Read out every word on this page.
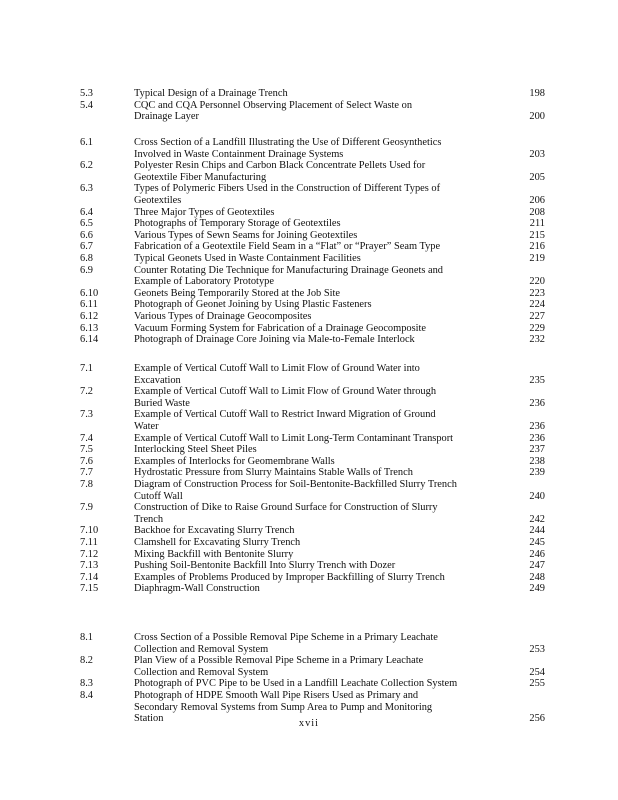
5.3	Typical Design of a Drainage Trench	198
5.4	CQC and CQA Personnel Observing Placement of Select Waste on
Drainage Layer	200
6.1	Cross Section of a Landfill Illustrating the Use of Different Geosynthetics
Involved in Waste Containment Drainage Systems	203
6.2	Polyester Resin Chips and Carbon Black Concentrate Pellets Used for
Geotextile Fiber Manufacturing	205
6.3	Types of Polymeric Fibers Used in the Construction of Different Types of
Geotextiles	206
6.4	Three Major Types of Geotextiles	208
6.5	Photographs of Temporary Storage of Geotextiles	211
6.6	Various Types of Sewn Seams for Joining Geotextiles	215
6.7	Fabrication of a Geotextile Field Seam in a “Flat” or “Prayer” Seam Type	216
6.8	Typical Geonets Used in Waste Containment Facilities	219
6.9	Counter Rotating Die Technique for Manufacturing Drainage Geonets and
Example of Laboratory Prototype	220
6.10	Geonets Being Temporarily Stored at the Job Site	223
6.11	Photograph of Geonet Joining by Using Plastic Fasteners	224
6.12	Various Types of Drainage Geocomposites	227
6.13	Vacuum Forming System for Fabrication of a Drainage Geocomposite	229
6.14	Photograph of Drainage Core Joining via Male-to-Female Interlock	232
7.1	Example of Vertical Cutoff Wall to Limit Flow of Ground Water into
Excavation	235
7.2	Example of Vertical Cutoff Wall to Limit Flow of Ground Water through
Buried Waste	236
7.3	Example of Vertical Cutoff Wall to Restrict Inward Migration of Ground
Water	236
7.4	Example of Vertical Cutoff Wall to Limit Long-Term Contaminant Transport	236
7.5	Interlocking Steel Sheet Piles	237
7.6	Examples of Interlocks for Geomembrane Walls	238
7.7	Hydrostatic Pressure from Slurry Maintains Stable Walls of Trench	239
7.8	Diagram of Construction Process for Soil-Bentonite-Backfilled Slurry Trench
Cutoff Wall	240
7.9	Construction of Dike to Raise Ground Surface for Construction of Slurry
Trench	242
7.10	Backhoe for Excavating Slurry Trench	244
7.11	Clamshell for Excavating Slurry Trench	245
7.12	Mixing Backfill with Bentonite Slurry	246
7.13	Pushing Soil-Bentonite Backfill Into Slurry Trench with Dozer	247
7.14	Examples of Problems Produced by Improper Backfilling of Slurry Trench	248
7.15	Diaphragm-Wall Construction	249
8.1	Cross Section of a Possible Removal Pipe Scheme in a Primary Leachate
Collection and Removal System	253
8.2	Plan View of a Possible Removal Pipe Scheme in a Primary Leachate
Collection and Removal System	254
8.3	Photograph of PVC Pipe to be Used in a Landfill Leachate Collection System	255
8.4	Photograph of HDPE Smooth Wall Pipe Risers Used as Primary and
Secondary Removal Systems from Sump Area to Pump and Monitoring
Station	256
xvii
